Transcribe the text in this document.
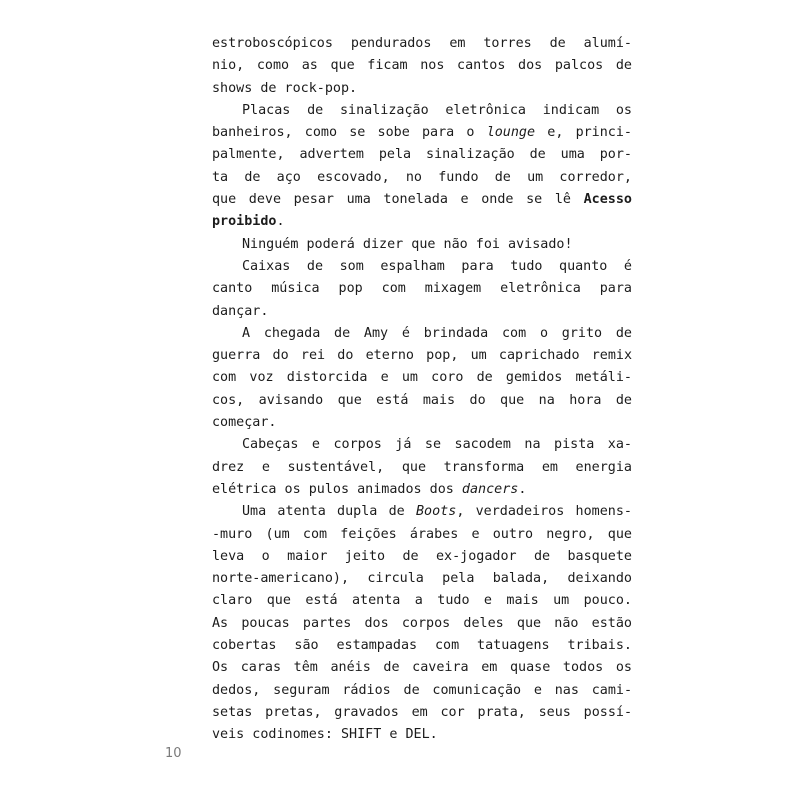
estroboscópicos pendurados em torres de alumí-
nio, como as que ficam nos cantos dos palcos de
shows de rock-pop.
Placas de sinalização eletrônica indicam os
banheiros, como se sobe para o lounge e, princi-
palmente, advertem pela sinalização de uma por-
ta de aço escovado, no fundo de um corredor,
que deve pesar uma tonelada e onde se lê Acesso
proibido.
Ninguém poderá dizer que não foi avisado!
Caixas de som espalham para tudo quanto é
canto música pop com mixagem eletrônica para
dançar.
A chegada de Amy é brindada com o grito de
guerra do rei do eterno pop, um caprichado remix
com voz distorcida e um coro de gemidos metáli-
cos, avisando que está mais do que na hora de
começar.
Cabeças e corpos já se sacodem na pista xa-
drez e sustentável, que transforma em energia
elétrica os pulos animados dos dancers.
Uma atenta dupla de Boots, verdadeiros homens-
-muro (um com feições árabes e outro negro, que
leva o maior jeito de ex-jogador de basquete
norte-americano), circula pela balada, deixando
claro que está atenta a tudo e mais um pouco.
As poucas partes dos corpos deles que não estão
cobertas são estampadas com tatuagens tribais.
Os caras têm anéis de caveira em quase todos os
dedos, seguram rádios de comunicação e nas cami-
setas pretas, gravados em cor prata, seus possí-
veis codinomes: SHIFT e DEL.
10
